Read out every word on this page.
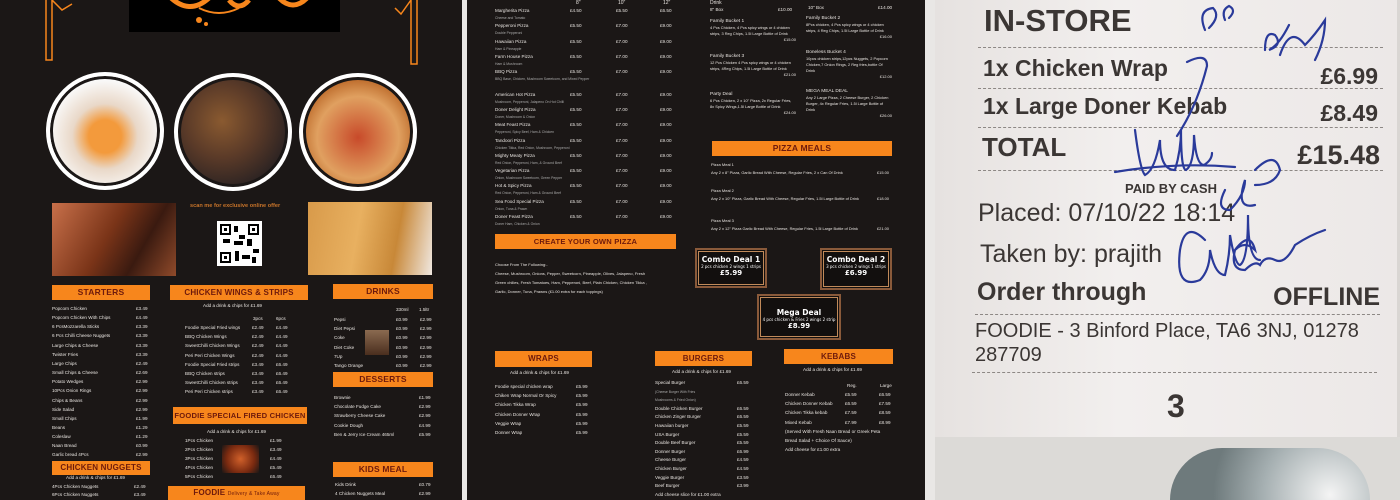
scan me for exclusive online offer
STARTERS
Popcorn Chicken	£3.49
Popcorn Chicken With Chips	£4.49
6 PcsMozzarella Sticks	£3.39
6 Pcs Chilli Cheese Nuggets	£3.39
Large Chips & Cheese	£3.39
Twister Fries	£3.39
Large Chips	£2.49
Small Chips & Cheese	£2.69
Potato Wedges	£2.99
10Pcs Onion Rings	£2.99
Chips & Beans	£2.99
Side Salad	£2.99
Small Chips	£1.99
Beans	£1.29
Coleslaw	£1.29
Naan Bread	£0.99
Garlic bread 4Pcs	£2.99
CHICKEN NUGGETS
Add a drink & chips for £1.69
4Pcs Chicken Nuggets	£2.49
6Pcs Chicken Nuggets	£3.49
CHICKEN WINGS & STRIPS
Add a drink & chips for £1.69
3pcs	6pcs
Foodie Special Fried wings	£2.49	£4.49
BBQ Chicken Wings	£2.49	£4.49
SweetChilli Chicken Wings	£2.49	£4.49
Peri Peri Chicken Wings	£2.49	£4.49
Foodie Special Fried strips	£3.49	£6.49
BBQ Chicken strips	£3.49	£6.49
SweetChilli Chicken strips	£3.49	£6.49
Peri Peri Chicken strips	£3.49	£6.49
FOODIE SPECIAL FIRED CHICKEN
Add a drink & chips for £1.69
1Pcs Chicken	£1.99
2Pcs Chicken	£3.49
3Pcs Chicken	£4.49
4Pcs Chicken	£5.49
5Pcs Chicken	£6.49
FOODIE Delivery & Take Away
DRINKS
330ml 1.5ltr
Pepsi	£0.99	£2.99
Diet Pepsi	£0.99	£2.99
Coke	£0.99	£2.99
Diet Coke	£0.99	£2.99
7Up	£0.99	£2.99
Tango Orange	£0.99	£2.99
DESSERTS
Brownie	£1.99
Chocolate Fudge Cake	£2.99
Strawberry Cheese Cake	£2.99
Cookie Dough	£4.99
Ben & Jerry Ice Cream 465ml	£5.99
KIDS MEAL
Kids Drink	£0.79
4 Chicken Nuggets Meal	£2.99
8"	10"	12"
Margherita Pizza	£4.50	£5.50	£6.50
Cheese and Tomato
Pepperoni Pizza	£5.50	£7.00	£9.00
Double Pepperoni
Hawaiian Pizza	£5.50	£7.00	£9.00
Ham & Pineapple
Farm House Pizza	£5.50	£7.00	£9.00
Ham & Mushroom
BBQ Pizza	£5.50	£7.00	£9.00
BBQ Base, Chicken, Mushroom Sweetcorn, and Mixed Pepper
American Hot Pizza	£5.50	£7.00	£9.00
Mushroom, Pepperoni, Jalapeno On Hot Chilli
Doner Delight Pizza	£5.50	£7.00	£9.00
Doner, Mushroom & Onion
Meat Feast Pizza	£5.50	£7.00	£9.00
Pepperoni, Spicy Beef, Ham & Chicken
Tandoori Pizza	£5.50	£7.00	£9.00
Chicken Tikka, Red Onion, Mushroom, Pepperoni
Mighty Meaty Pizza	£5.50	£7.00	£9.00
Red Onion, Pepperoni, Ham, & Ground Beef
Vegetarian Pizza	£5.50	£7.00	£9.00
Onion, Mushroom Sweetcorn, Green Pepper
Hot & Spicy Pizza	£5.50	£7.00	£9.00
Red Onion, Pepperoni, Ham & Ground Beef
Sea Food Special Pizza	£5.50	£7.00	£9.00
Onion, Tuna & Prawn
Doner Feast Pizza	£5.50	£7.00	£9.00
Doner Ham, Chicken & Onion
Drink
8" Box	£10.00	10" Box	£14.00
Family Bucket 1
4 Pcs Chicken, 4 Pcs spicy wings or 4 chicken strips, 3 Reg Chips, 1.5l Large Bottle of Drink
£15.00
Family Bucket 2
8Pcs chicken, 4 Pcs spicy wings or 4 chicken strips, 4 Reg Chips, 1.5l Large Bottle of Drink
£16.00
Family Bucket 3
12 Pcs Chicken 4 Pcs spicy wings or 4 chicken strips, 4Reg Chips, 1.5l Large Bottle of Drink
£21.00
Boneless Bucket 4
10pcs chicken strips,12pcs Nuggets, 2 Popcorn Chicken,7 Onion Rings, 2 Reg fries,bottle Of Drink
£12.00
Party Deal
6 Pcs Chicken, 2 x 10" Pizza, 2x Regular Fries, 8x Spicy Wings,1.5l Large Bottle of Drink
£24.00
MEGA MEAL DEAL
Any 2 Large Pizza, 2 Cheese Burger, 2 Chicken Burger, 4x Regular Fries, 1.5l Large Bottle of Drink
£26.00
PIZZA MEALS
Pizza Meal 1
Any 2 x 8" Pizza, Garlic Bread With Cheese, Regular Fries, 2 x Can Of Drink	£15.00
Pizza Meal 2
Any 2 x 10" Pizza, Garlic Bread With Cheese, Regular Fries, 1.5l Large Bottle of Drink	£18.00
Pizza Meal 3
Any 2 x 12" Pizza Garlic Bread With Cheese, Regular Fries, 1.5l Large Bottle of Drink	£21.00
CREATE YOUR OWN PIZZA
Choose From The Following:-
Cheese, Mushroom, Onions, Pepper, Sweetcorn, Pineapple, Olives, Jalapeno, Fresh
Green chilies, Fresh Tomatoes, Ham, Pepperoni, Beef, Plain Chicken, Chicken Tikka ,
Garlic, Donner, Tuna, Prawns (£1.00 extra for each toppings)
Combo Deal 1
2 pcs chicken 2 wings 1 strips
£5.99
Combo Deal 2
3 pcs chicken 2 wings 1 strips
£6.99
Mega Deal
4 pcs chicken & Fries 2 wings 2 strip
£8.99
WRAPS
Add a drink & chips for £1.69
Foodie special chicken wrap	£5.99
Chiken Wrap Normal Or Spicy	£5.99
Chicken Tikka Wrap	£5.99
Chicken Donner Wrap	£5.99
Veggie Wrap	£5.99
Donner Wrap	£5.99
BURGERS
Add a drink & chips for £1.69
Special Burger	£6.59
Double Chicken Burger	£6.59
Chicken Zinger Burger	£6.59
Hawaiian burger	£5.59
USA Burger	£5.59
Double Beef Burger	£5.59
Donner Burger	£6.99
Cheese Burger	£4.59
Chicken Burger	£4.59
Veggie Burger	£3.59
Beef Burger	£3.99
(Cheese Burger With Fries
Mushrooms & Fried Onion)
Add cheese slice for £1.00 extra
KEBABS
Add a drink & chips for £1.69
Reg.	Large
Donner Kebab	£5.59	£6.59
Chicken Donner Kebab	£6.59	£7.59
Chicken Tikka kebab	£7.59	£8.59
Mixed Kebab	£7.99	£8.99
(Served With Fresh Naan Bread or Greek Peta
Bread Salad + Choice Of Sauce)
Add cheese for £1.00 extra
IN-STORE
1x Chicken Wrap	£6.99
1x Large Doner Kebab	£8.49
TOTAL	£15.48
PAID BY CASH
Placed: 07/10/22 18:14
Taken by: prajith
Order through	OFFLINE
FOODIE - 3 Binford Place, TA6 3NJ, 01278
287709
3
